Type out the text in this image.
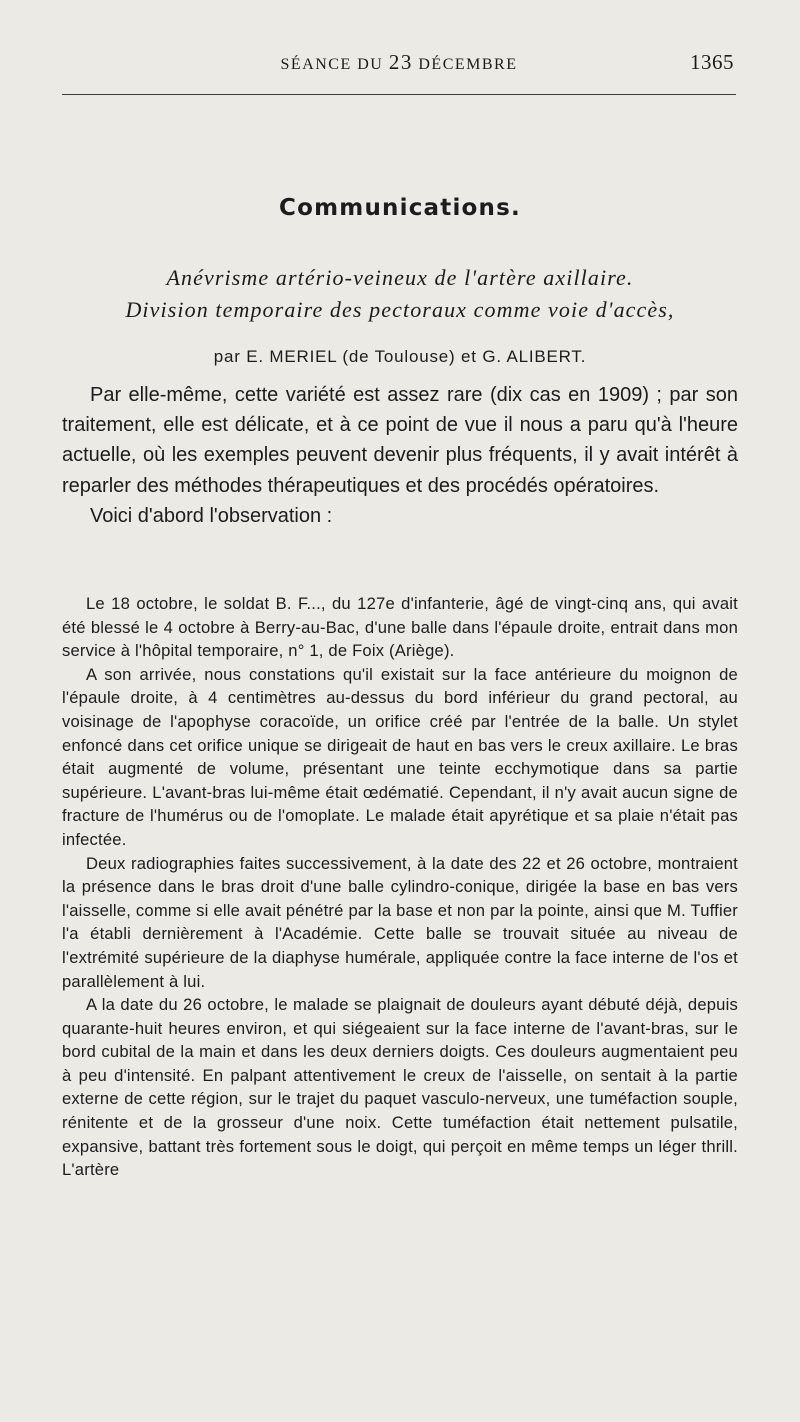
SÉANCE DU 23 DÉCEMBRE	1365
Communications.
Anévrisme artério-veineux de l'artère axillaire.
Division temporaire des pectoraux comme voie d'accès,
par E. MERIEL (de Toulouse) et G. ALIBERT.

Par elle-même, cette variété est assez rare (dix cas en 1909) ; par son traitement, elle est délicate, et à ce point de vue il nous a paru qu'à l'heure actuelle, où les exemples peuvent devenir plus fréquents, il y avait intérêt à reparler des méthodes thérapeutiques et des procédés opératoires.

Voici d'abord l'observation :

Le 18 octobre, le soldat B. F..., du 127e d'infanterie, âgé de vingt-cinq ans, qui avait été blessé le 4 octobre à Berry-au-Bac, d'une balle dans l'épaule droite, entrait dans mon service à l'hôpital temporaire, n° 1, de Foix (Ariège).

A son arrivée, nous constations qu'il existait sur la face antérieure du moignon de l'épaule droite, à 4 centimètres au-dessus du bord inférieur du grand pectoral, au voisinage de l'apophyse coracoïde, un orifice créé par l'entrée de la balle. Un stylet enfoncé dans cet orifice unique se dirigeait de haut en bas vers le creux axillaire. Le bras était augmenté de volume, présentant une teinte ecchymotique dans sa partie supérieure. L'avant-bras lui-même était œdématié. Cependant, il n'y avait aucun signe de fracture de l'humérus ou de l'omoplate. Le malade était apyrétique et sa plaie n'était pas infectée.

Deux radiographies faites successivement, à la date des 22 et 26 octobre, montraient la présence dans le bras droit d'une balle cylindro-conique, dirigée la base en bas vers l'aisselle, comme si elle avait pénétré par la base et non par la pointe, ainsi que M. Tuffier l'a établi dernièrement à l'Académie. Cette balle se trouvait située au niveau de l'extrémité supérieure de la diaphyse humérale, appliquée contre la face interne de l'os et parallèlement à lui.

A la date du 26 octobre, le malade se plaignait de douleurs ayant débuté déjà, depuis quarante-huit heures environ, et qui siégeaient sur la face interne de l'avant-bras, sur le bord cubital de la main et dans les deux derniers doigts. Ces douleurs augmentaient peu à peu d'intensité. En palpant attentivement le creux de l'aisselle, on sentait à la partie externe de cette région, sur le trajet du paquet vasculo-nerveux, une tuméfaction souple, rénitente et de la grosseur d'une noix. Cette tuméfaction était nettement pulsatile, expansive, battant très fortement sous le doigt, qui perçoit en même temps un léger thrill. L'artère
